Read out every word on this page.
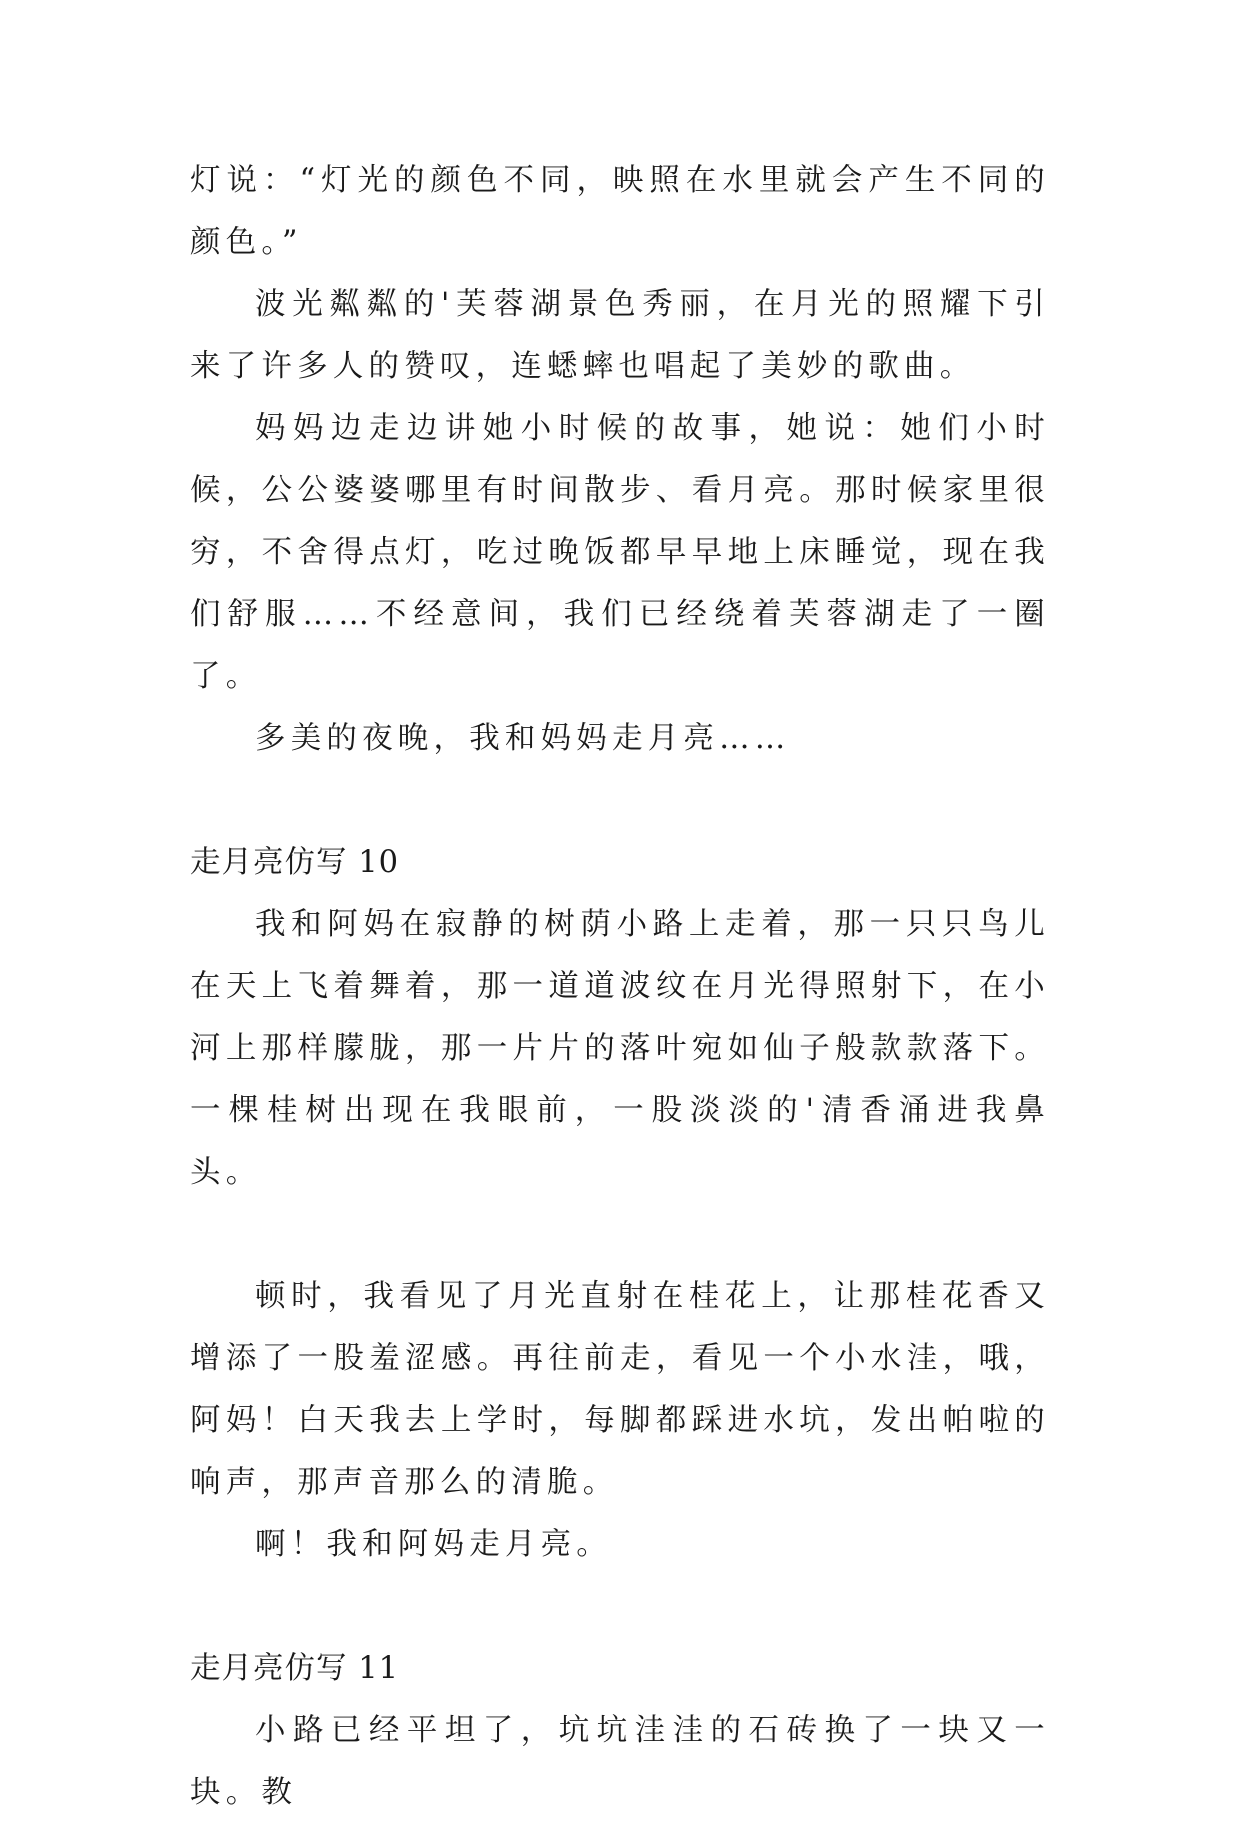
灯说：“灯光的颜色不同，映照在水里就会产生不同的颜色。”

波光粼粼的'芙蓉湖景色秀丽，在月光的照耀下引来了许多人的赞叹，连蟋蟀也唱起了美妙的歌曲。

妈妈边走边讲她小时候的故事，她说：她们小时候，公公婆婆哪里有时间散步、看月亮。那时候家里很穷，不舍得点灯，吃过晚饭都早早地上床睡觉，现在我们舒服……不经意间，我们已经绕着芙蓉湖走了一圈了。

多美的夜晚，我和妈妈走月亮……

走月亮仿写 10

我和阿妈在寂静的树荫小路上走着，那一只只鸟儿在天上飞着舞着，那一道道波纹在月光得照射下，在小河上那样朦胧，那一片片的落叶宛如仙子般款款落下。一棵桂树出现在我眼前，一股淡淡的'清香涌进我鼻头。

顿时，我看见了月光直射在桂花上，让那桂花香又增添了一股羞涩感。再往前走，看见一个小水洼，哦，阿妈！白天我去上学时，每脚都踩进水坑，发出帕啦的响声，那声音那么的清脆。

啊！我和阿妈走月亮。

走月亮仿写 11

小路已经平坦了，坑坑洼洼的石砖换了一块又一块。教
